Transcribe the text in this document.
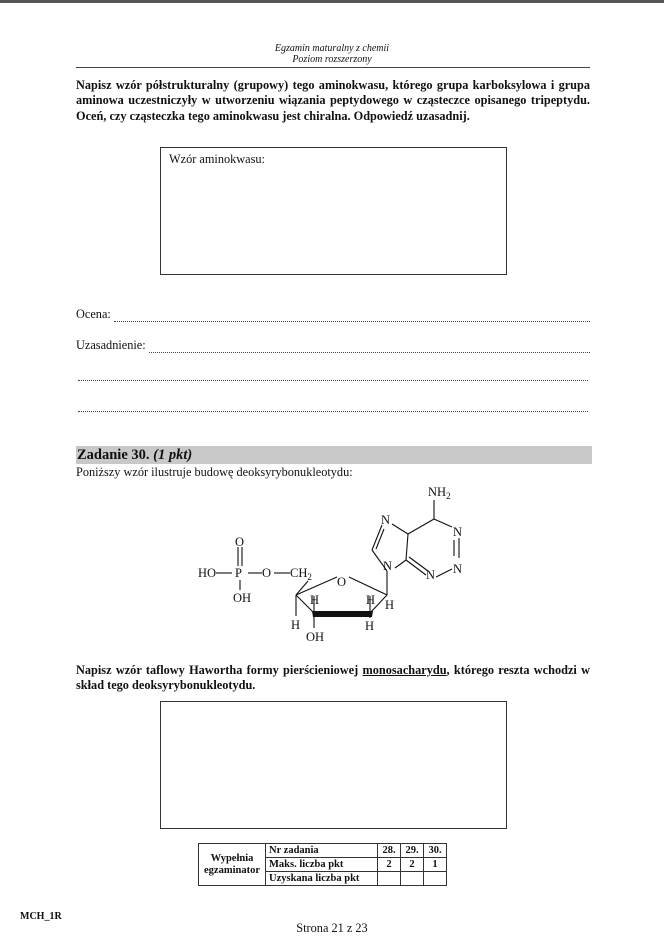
Egzamin maturalny z chemii
Poziom rozszerzony
Napisz wzór półstrukturalny (grupowy) tego aminokwasu, którego grupa karboksylowa i grupa aminowa uczestniczyły w utworzeniu wiązania peptydowego w cząsteczce opisanego tripeptydu. Oceń, czy cząsteczka tego aminokwasu jest chiralna. Odpowiedź uzasadnij.
Wzór aminokwasu:
Ocena:
Uzasadnienie:
Zadanie 30. (1 pkt)
Poniższy wzór ilustruje budowę deoksyrybonukleotydu:
$NH_2$
N
N
N
N
N
O
O
HO P O $CH_2$
OH	H	H
H
OH
H
H
Napisz wzór taflowy Hawortha formy pierścieniowej monosacharydu, którego reszta wchodzi w skład tego deoksyrybonukleotydu.
Wypełnia egzaminator	Nr zadania	28.	29.	30.
	Maks. liczba pkt	2	2	1
	Uzyskana liczba pkt			
MCH_1R
Strona 21 z 23
